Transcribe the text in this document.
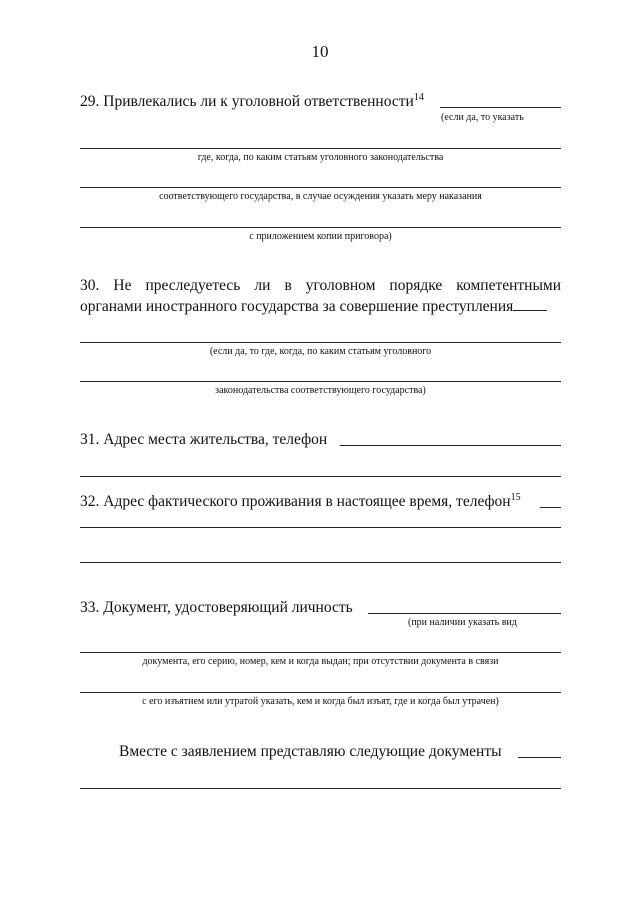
10
29. Привлекались ли к уголовной ответственности$^{14}$
(если да, то указать
где, когда, по каким статьям уголовного законодательства
соответствующего государства, в случае осуждения указать меру наказания
с приложением копии приговора)
30. Не преследуетесь ли в уголовном порядке компетентными
органами иностранного государства за совершение преступления
(если да, то где, когда, по каким статьям уголовного
законодательства соответствующего государства)
31. Адрес места жительства, телефон
32. Адрес фактического проживания в настоящее время, телефон$^{15}$
33. Документ, удостоверяющий личность
(при наличии указать вид
документа, его серию, номер, кем и когда выдан; при отсутствии документа в связи
с его изъятием или утратой указать, кем и когда был изъят, где и когда был утрачен)
Вместе с заявлением представляю следующие документы
